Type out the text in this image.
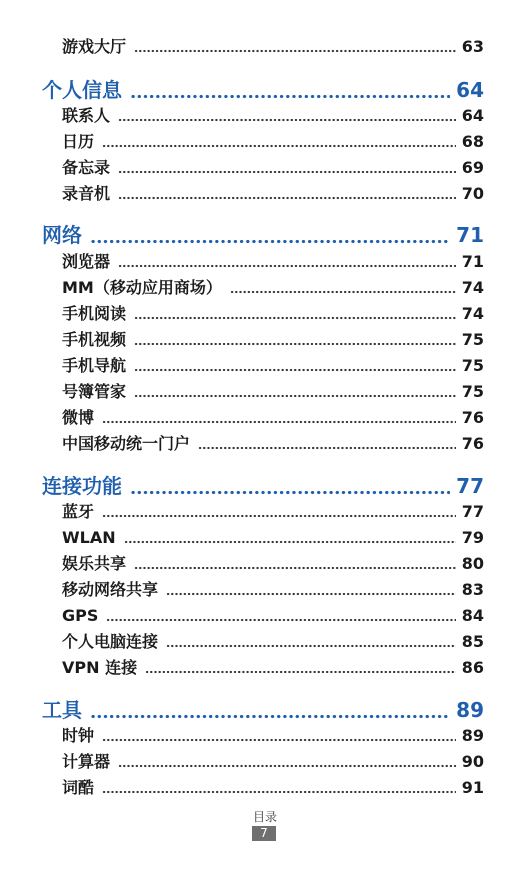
游戏大厅	63
个人信息	64
联系人	64
日历	68
备忘录	69
录音机	70
网络	71
浏览器	71
MM（移动应用商场）	74
手机阅读	74
手机视频	75
手机导航	75
号簿管家	75
微博	76
中国移动统一门户	76
连接功能	77
蓝牙	77
WLAN	79
娱乐共享	80
移动网络共享	83
GPS	84
个人电脑连接	85
VPN 连接	86
工具	89
时钟	89
计算器	90
词酷	91
目录
7
